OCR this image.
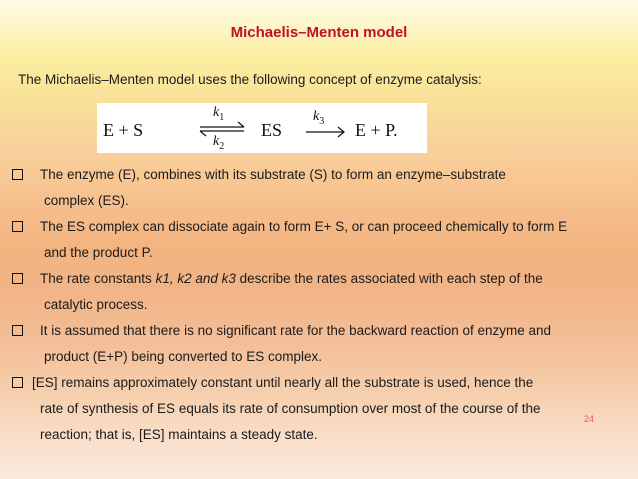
Michaelis–Menten model
The Michaelis–Menten model uses the following concept of enzyme catalysis:
E + S
$k_1$
$k_2$
ES
$k_3$ E + P.
The enzyme (E), combines with its substrate (S) to form an enzyme–substrate
complex (ES).
The ES complex can dissociate again to form E+ S, or can proceed chemically to form E
and the product P.
The rate constants k1, k2 and k3 describe the rates associated with each step of the
catalytic process.
It is assumed that there is no significant rate for the backward reaction of enzyme and
product (E+P) being converted to ES complex.
[ES] remains approximately constant until nearly all the substrate is used, hence the
rate of synthesis of ES equals its rate of consumption over most of the course of the
reaction; that is, [ES] maintains a steady state.
24
